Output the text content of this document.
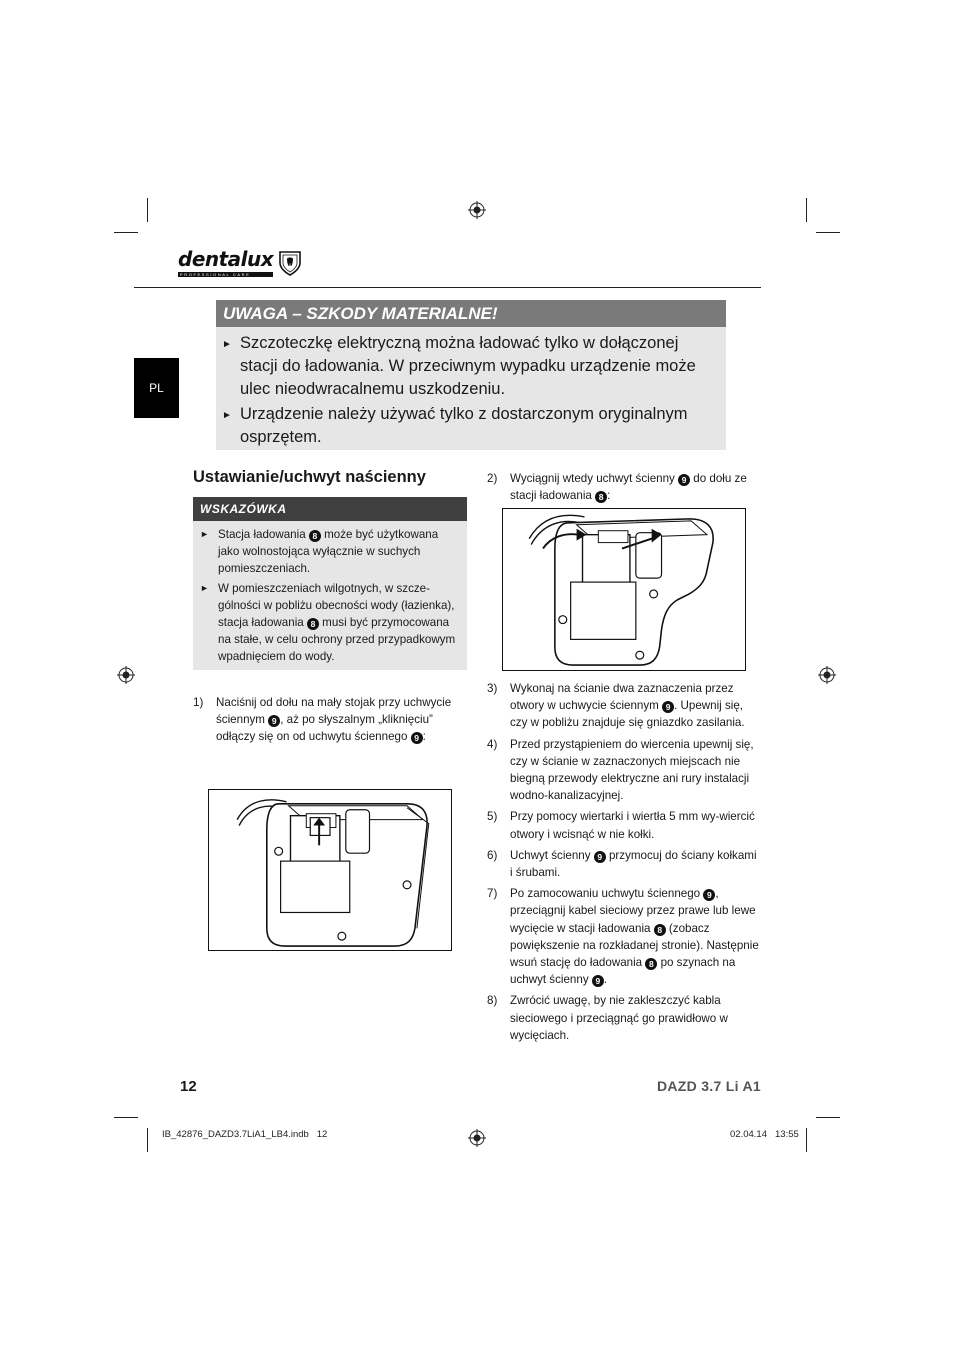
dentalux
PROFESSIONAL CARE
PL
UWAGA – SZKODY MATERIALNE!
► Szczoteczkę elektryczną można ładować tylko w dołączonej stacji do ładowania. W przeciwnym wypadku urządzenie może ulec nieodwracalnemu uszkodzeniu.
► Urządzenie należy używać tylko z dostarczonym oryginalnym osprzętem.
Ustawianie/uchwyt naścienny
WSKAZÓWKA
► Stacja ładowania 8 może być użytkowana jako wolnostojąca wyłącznie w suchych pomieszczeniach.
► W pomieszczeniach wilgotnych, w szcze-gólności w pobliżu obecności wody (łazienka), stacja ładowania 8 musi być przymocowana na stałe, w celu ochrony przed przypadkowym wpadnięciem do wody.
1) Naciśnij od dołu na mały stojak przy uchwycie ściennym 9 , aż po słyszalnym „kliknięciu” odłączy się on od uchwytu ściennego 9 :
2) Wyciągnij wtedy uchwyt ścienny 9 do dołu ze stacji ładowania 8 :
3) Wykonaj na ścianie dwa zaznaczenia przez otwory w uchwycie ściennym 9 . Upewnij się, czy w pobliżu znajduje się gniazdko zasilania.
4) Przed przystąpieniem do wiercenia upewnij się, czy w ścianie w zaznaczonych miejscach nie biegną przewody elektryczne ani rury instalacji wodno-kanalizacyjnej.
5) Przy pomocy wiertarki i wiertła 5 mm wy-wiercić otwory i wcisnąć w nie kołki.
6) Uchwyt ścienny 9 przymocuj do ściany kołkami i śrubami.
7) Po zamocowaniu uchwytu ściennego 9 , przeciągnij kabel sieciowy przez prawe lub lewe wycięcie w stacji ładowania 8 (zobacz powiększenie na rozkładanej stronie). Następnie wsuń stację do ładowania 8 po szynach na uchwyt ścienny 9 .
8) Zwrócić uwagę, by nie zakleszczyć kabla sieciowego i przeciągnąć go prawidłowo w wycięciach.
12	DAZD 3.7 Li A1
IB_42876_DAZD3.7LiA1_LB4.indb   12	02.04.14 13:55
